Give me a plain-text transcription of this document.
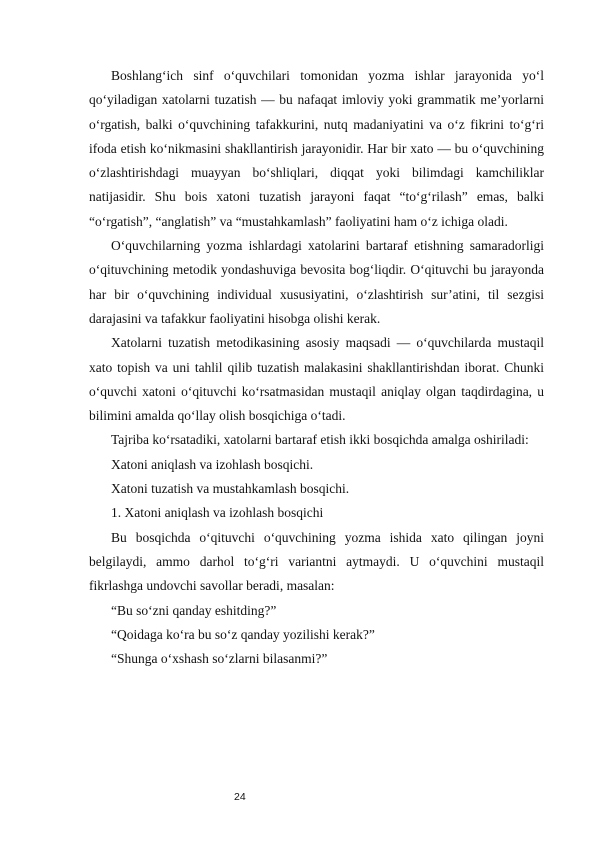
Boshlang‘ich sinf o‘quvchilari tomonidan yozma ishlar jarayonida yo‘l qo‘yiladigan xatolarni tuzatish — bu nafaqat imloviy yoki grammatik me’yorlarni o‘rgatish, balki o‘quvchining tafakkurini, nutq madaniyatini va o‘z fikrini to‘g‘ri ifoda etish ko‘nikmasini shakllantirish jarayonidir. Har bir xato — bu o‘quvchining o‘zlashtirishdagi muayyan bo‘shliqlari, diqqat yoki bilimdagi kamchiliklar natijasidir. Shu bois xatoni tuzatish jarayoni faqat “to‘g‘rilash” emas, balki “o‘rgatish”, “anglatish” va “mustahkamlash” faoliyatini ham o‘z ichiga oladi.

O‘quvchilarning yozma ishlardagi xatolarini bartaraf etishning samaradorligi o‘qituvchining metodik yondashuviga bevosita bog‘liqdir. O‘qituvchi bu jarayonda har bir o‘quvchining individual xususiyatini, o‘zlashtirish sur’atini, til sezgisi darajasini va tafakkur faoliyatini hisobga olishi kerak.

Xatolarni tuzatish metodikasining asosiy maqsadi — o‘quvchilarda mustaqil xato topish va uni tahlil qilib tuzatish malakasini shakllantirishdan iborat. Chunki o‘quvchi xatoni o‘qituvchi ko‘rsatmasidan mustaqil aniqlay olgan taqdirdagina, u bilimini amalda qo‘llay olish bosqichiga o‘tadi.

Tajriba ko‘rsatadiki, xatolarni bartaraf etish ikki bosqichda amalga oshiriladi:

Xatoni aniqlash va izohlash bosqichi.

Xatoni tuzatish va mustahkamlash bosqichi.

1. Xatoni aniqlash va izohlash bosqichi

Bu bosqichda o‘qituvchi o‘quvchining yozma ishida xato qilingan joyni belgilaydi, ammo darhol to‘g‘ri variantni aytmaydi. U o‘quvchini mustaqil fikrlashga undovchi savollar beradi, masalan:

“Bu so‘zni qanday eshitding?”

“Qoidaga ko‘ra bu so‘z qanday yozilishi kerak?”

“Shunga o‘xshash so‘zlarni bilasanmi?”

24
